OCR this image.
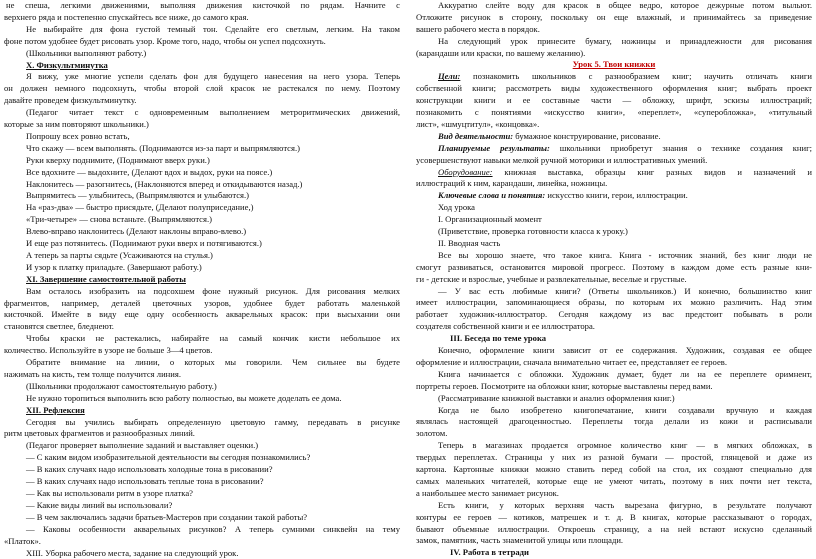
не спеша, легкими движениями, выполняя движения кисточкой по рядам. Начните с
верхнего ряда и постепенно спускайтесь все ниже, до самого края.
Не выбирайте для фона густой темный тон. Сделайте его светлым, легким. На таком
фоне потом удобнее будет рисовать узор. Кроме того, надо, чтобы он успел подсохнуть.
(Школьники выполняют работу.)
X. Физкультминутка
Я вижу, уже многие успели сделать фон для будущего нанесения на него узора. Теперь
он должен немного подсохнуть, чтобы второй слой красок не растекался по нему. Поэтому
давайте проведем физкультминутку.
(Педагог читает текст с одновременным выполнением метроритмических движений,
которые за ним повторяют школьники.)
Попрошу всех ровно встать,
Что скажу — всем выполнять. (Поднимаются из-за парт и выпрямляются.)
Руки кверху поднимите, (Поднимают вверх руки.)
Все вдохните — выдохните, (Делают вдох и выдох, руки на поясе.)
Наклонитесь — разогнитесь, (Наклоняются вперед и откидываются назад.)
Выпрямитесь — улыбнитесь, (Выпрямляются и улыбаются.)
На «раз-два» — быстро присядьте, (Делают полуприседание,)
«Три-четыре» — снова встаньте. (Выпрямляются.)
Влево-вправо наклонитесь (Делают наклоны вправо-влево.)
И еще раз потянитесь. (Поднимают руки вверх и потягиваются.)
А теперь за парты сядьте (Усаживаются на стулья.)
И узор к платку приладьте. (Завершают работу.)
XI. Завершение самостоятельной работы
Вам осталось изобразить на подсохшем фоне нужный рисунок. Для рисования мелких
фрагментов, например, деталей цветочных узоров, удобнее будет работать маленькой
кисточкой. Имейте в виду еще одну особенность акварельных красок: при высыхании они
становятся светлее, бледнеют.
Чтобы краски не растекались, набирайте на самый кончик кисти небольшое их
количество. Используйте в узоре не больше 3—4 цветов.
Обратите внимание на линии, о которых мы говорили. Чем сильнее вы будете
нажимать на кисть, тем толще получится линия.
(Школьники продолжают самостоятельную работу.)
Не нужно торопиться выполнить всю работу полностью, вы можете доделать ее дома.
XII. Рефлексия
Сегодня вы учились выбирать определенную цветовую гамму, передавать в рисунке
ритм цветовых фрагментов и разнообразных линий.
(Педагог проверяет выполнение заданий и выставляет оценки.)
— С каким видом изобразительной деятельности вы сегодня познакомились?
— В каких случаях надо использовать холодные тона в рисовании?
— В каких случаях надо использовать теплые тона в рисовании?
— Как вы использовали ритм в узоре платка?
— Какие виды линий вы использовали?
— В чем заключались задачи братьев-Мастеров при создании такой работы?
— Каковы особенности акварельных рисунков? А теперь сумними синквейн на тему
«Платок».
XIII. Уборка рабочего места, задание на следующий урок.
Аккуратно слейте воду для красок в общее ведро, которое дежурные потом выльют.
Отложите рисунок в сторону, поскольку он еще влажный, и принимайтесь за приведение
вашего рабочего места в порядок.
На следующий урок принесите бумагу, ножницы и принадлежности для рисования
(карандаши или краски, по вашему желанию).
Урок 5. Твои книжки
Цели: познакомить школьников с разнообразием книг; научить отличать книги
собственной книги; рассмотреть виды художественного оформления книг; выбрать проект
конструкции книги и ее составные части — обложку, шрифт, эскизы иллюстраций;
познакомить с понятиями «искусство книги», «переплет», «суперобложка», «титульный
лист», «шмуцтитул», «концовка».
Вид деятельности: бумажное конструирование, рисование.
Планируемые результаты: школьники приобретут знания о технике создания книг;
усовершенствуют навыки мелкой ручной моторики и иллюстративных умений.
Оборудование: книжная выставка, образцы книг разных видов и назначений и
иллюстраций к ним, карандаши, линейка, ножницы.
Ключевые слова и понятия: искусство книги, герои, иллюстрации.
Ход урока
I. Организационный момент
(Приветствие, проверка готовности класса к уроку.)
II. Вводная часть
Все вы хорошо знаете, что такое книга. Книга - источник знаний, без книг люди не
смогут развиваться, остановится мировой прогресс. Поэтому в каждом доме есть разные кни-
ги - детские и взрослые, учебные и развлекательные, веселые и грустные.
— У вас есть любимые книги? (Ответы школьников.) И конечно, большинство книг
имеет иллюстрации, запоминающиеся образы, по которым их можно различить. Над этим
работает художник-иллюстратор. Сегодня каждому из вас предстоит побывать в роли
создателя собственной книги и ее иллюстратора.
III. Беседа по теме урока
Конечно, оформление книги зависит от ее содержания. Художник, создавая ее общее
оформление и иллюстрации, сначала внимательно читает ее, представляет ее героев.
Книга начинается с обложки. Художник думает, будет ли на ее переплете оримнент,
портреты героев. Посмотрите на обложки книг, которые выставлены перед вами.
(Рассматривание книжной выставки и анализ оформления книг.)
Когда не было изобретено книгопечатание, книги создавали вручную и каждая
являлась настоящей драгоценностью. Переплеты тогда делали из кожи и расписывали
золотом.
Теперь в магазинах продается огромное количество книг — в мягких обложках, в
твердых переплетах. Страницы у них из разной бумаги — простой, глянцевой и даже из
картона. Картонные книжки можно ставить перед собой на стол, их создают специально для
самых маленьких читателей, которые еще не умеют читать, поэтому в них почти нет текста,
а наибольшее место занимает рисунок.
Есть книги, у которых верхняя часть вырезана фигурно, в результате получают
контуры ее героев — котиков, матрешек и т. д. В книгах, которые рассказывают о городах,
бывают объемные иллюстрации. Откроешь страницу, а на ней встают искусно сделанный
замок, памятник, часть знаменитой улицы или площади.
IV. Работа в тетради
